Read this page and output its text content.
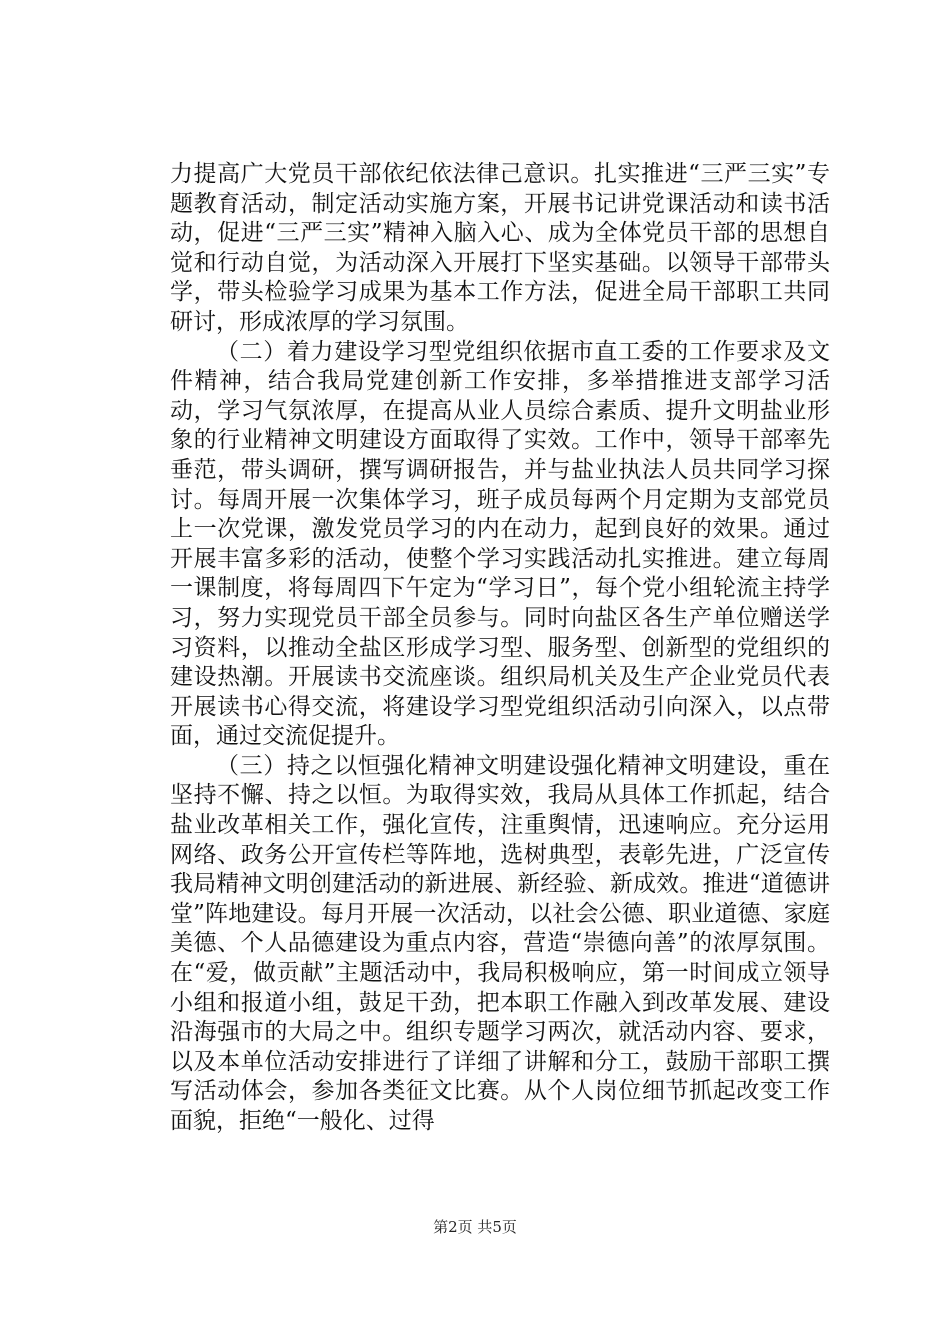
力提高广大党员干部依纪依法律己意识。扎实推进“三严三实”专题教育活动，制定活动实施方案，开展书记讲党课活动和读书活动，促进“三严三实”精神入脑入心、成为全体党员干部的思想自觉和行动自觉，为活动深入开展打下坚实基础。以领导干部带头学，带头检验学习成果为基本工作方法，促进全局干部职工共同研讨，形成浓厚的学习氛围。

（二）着力建设学习型党组织依据市直工委的工作要求及文件精神，结合我局党建创新工作安排，多举措推进支部学习活动，学习气氛浓厚，在提高从业人员综合素质、提升文明盐业形象的行业精神文明建设方面取得了实效。工作中，领导干部率先垂范，带头调研，撰写调研报告，并与盐业执法人员共同学习探讨。每周开展一次集体学习，班子成员每两个月定期为支部党员上一次党课，激发党员学习的内在动力，起到良好的效果。通过开展丰富多彩的活动，使整个学习实践活动扎实推进。建立每周一课制度，将每周四下午定为“学习日”，每个党小组轮流主持学习，努力实现党员干部全员参与。同时向盐区各生产单位赠送学习资料，以推动全盐区形成学习型、服务型、创新型的党组织的建设热潮。开展读书交流座谈。组织局机关及生产企业党员代表开展读书心得交流，将建设学习型党组织活动引向深入，以点带面，通过交流促提升。

（三）持之以恒强化精神文明建设强化精神文明建设，重在坚持不懈、持之以恒。为取得实效，我局从具体工作抓起，结合盐业改革相关工作，强化宣传，注重舆情，迅速响应。充分运用网络、政务公开宣传栏等阵地，选树典型，表彰先进，广泛宣传我局精神文明创建活动的新进展、新经验、新成效。推进“道德讲堂”阵地建设。每月开展一次活动，以社会公德、职业道德、家庭美德、个人品德建设为重点内容，营造“崇德向善”的浓厚氛围。在“爱，做贡献”主题活动中，我局积极响应，第一时间成立领导小组和报道小组，鼓足干劲，把本职工作融入到改革发展、建设沿海强市的大局之中。组织专题学习两次，就活动内容、要求，以及本单位活动安排进行了详细了讲解和分工，鼓励干部职工撰写活动体会，参加各类征文比赛。从个人岗位细节抓起改变工作面貌，拒绝“一般化、过得

第2页 共5页
